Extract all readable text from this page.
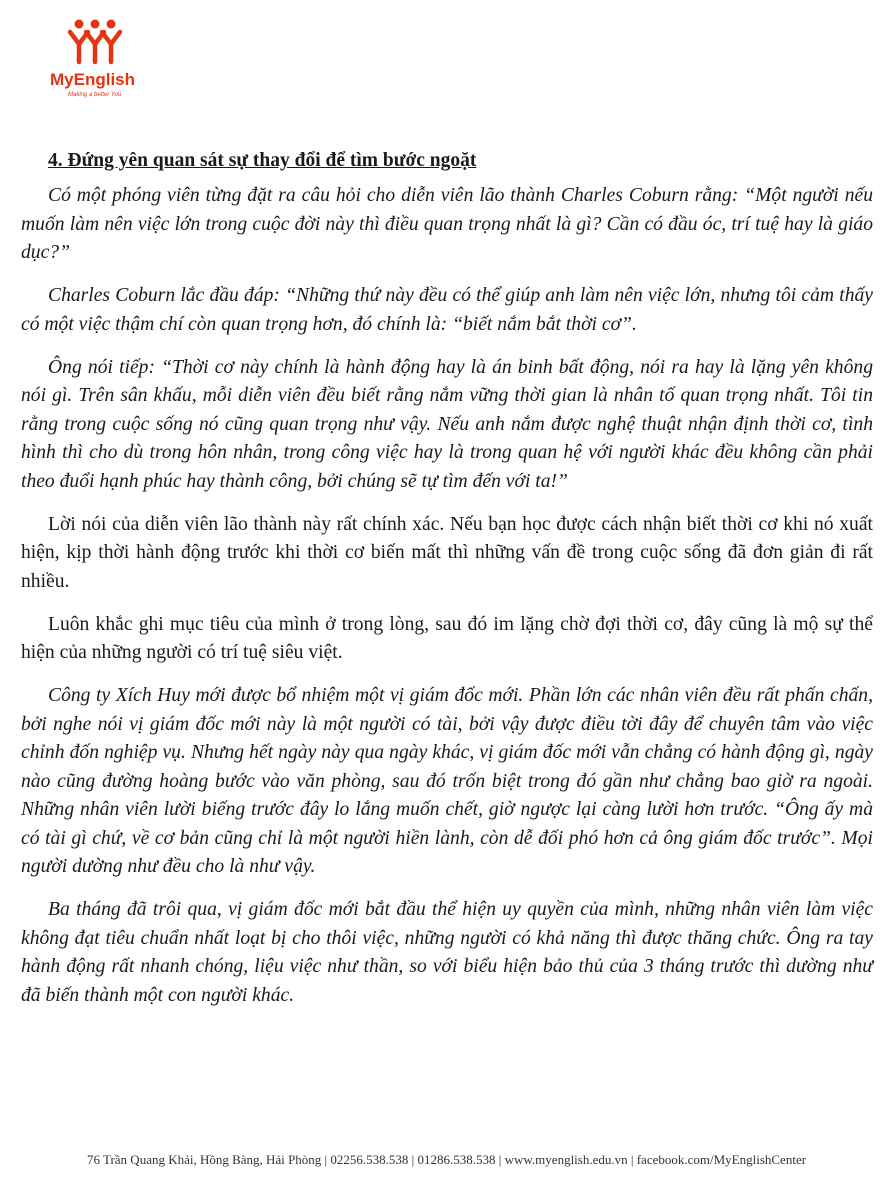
MyEnglish
Making a better You
4. Đứng yên quan sát sự thay đổi để tìm bước ngoặt

Có một phóng viên từng đặt ra câu hỏi cho diễn viên lão thành Charles Coburn rằng: “Một người nếu muốn làm nên việc lớn trong cuộc đời này thì điều quan trọng nhất là gì? Cần có đầu óc, trí tuệ hay là giáo dục?”

Charles Coburn lắc đầu đáp: “Những thứ này đều có thể giúp anh làm nên việc lớn, nhưng tôi cảm thấy có một việc thậm chí còn quan trọng hơn, đó chính là: “biết nắm bắt thời cơ”.

Ông nói tiếp: “Thời cơ này chính là hành động hay là án binh bất động, nói ra hay là lặng yên không nói gì. Trên sân khấu, mỗi diễn viên đều biết rằng nắm vững thời gian là nhân tố quan trọng nhất. Tôi tin rằng trong cuộc sống nó cũng quan trọng như vậy. Nếu anh nắm được nghệ thuật nhận định thời cơ, tình hình thì cho dù trong hôn nhân, trong công việc hay là trong quan hệ với người khác đều không cần phải theo đuổi hạnh phúc hay thành công, bởi chúng sẽ tự tìm đến với ta!”

Lời nói của diễn viên lão thành này rất chính xác. Nếu bạn học được cách nhận biết thời cơ khi nó xuất hiện, kịp thời hành động trước khi thời cơ biến mất thì những vấn đề trong cuộc sống đã đơn giản đi rất nhiều.

Luôn khắc ghi mục tiêu của mình ở trong lòng, sau đó im lặng chờ đợi thời cơ, đây cũng là mộ sự thể hiện của những người có trí tuệ siêu việt.

Công ty Xích Huy mới được bổ nhiệm một vị giám đốc mới. Phần lớn các nhân viên đều rất phấn chấn, bởi nghe nói vị giám đốc mới này là một người có tài, bởi vậy được điều tời đây để chuyên tâm vào việc chỉnh đốn nghiệp vụ. Nhưng hết ngày này qua ngày khác, vị giám đốc mới vẫn chẳng có hành động gì, ngày nào cũng đường hoàng bước vào văn phòng, sau đó trốn biệt trong đó gần như chẳng bao giờ ra ngoài. Những nhân viên lười biếng trước đây lo lắng muốn chết, giờ ngược lại càng lười hơn trước. “Ông ấy mà có tài gì chứ, về cơ bản cũng chỉ là một người hiền lành, còn dễ đối phó hơn cả ông giám đốc trước”. Mọi người dường như đều cho là như vậy.

Ba tháng đã trôi qua, vị giám đốc mới bắt đầu thể hiện uy quyền của mình, những nhân viên làm việc không đạt tiêu chuẩn nhất loạt bị cho thôi việc, những người có khả năng thì được thăng chức. Ông ra tay hành động rất nhanh chóng, liệu việc như thần, so với biểu hiện bảo thủ của 3 tháng trước thì dường như đã biến thành một con người khác.

76 Trần Quang Khải, Hồng Bàng, Hải Phòng | 02256.538.538 | 01286.538.538 | www.myenglish.edu.vn | facebook.com/MyEnglishCenter
